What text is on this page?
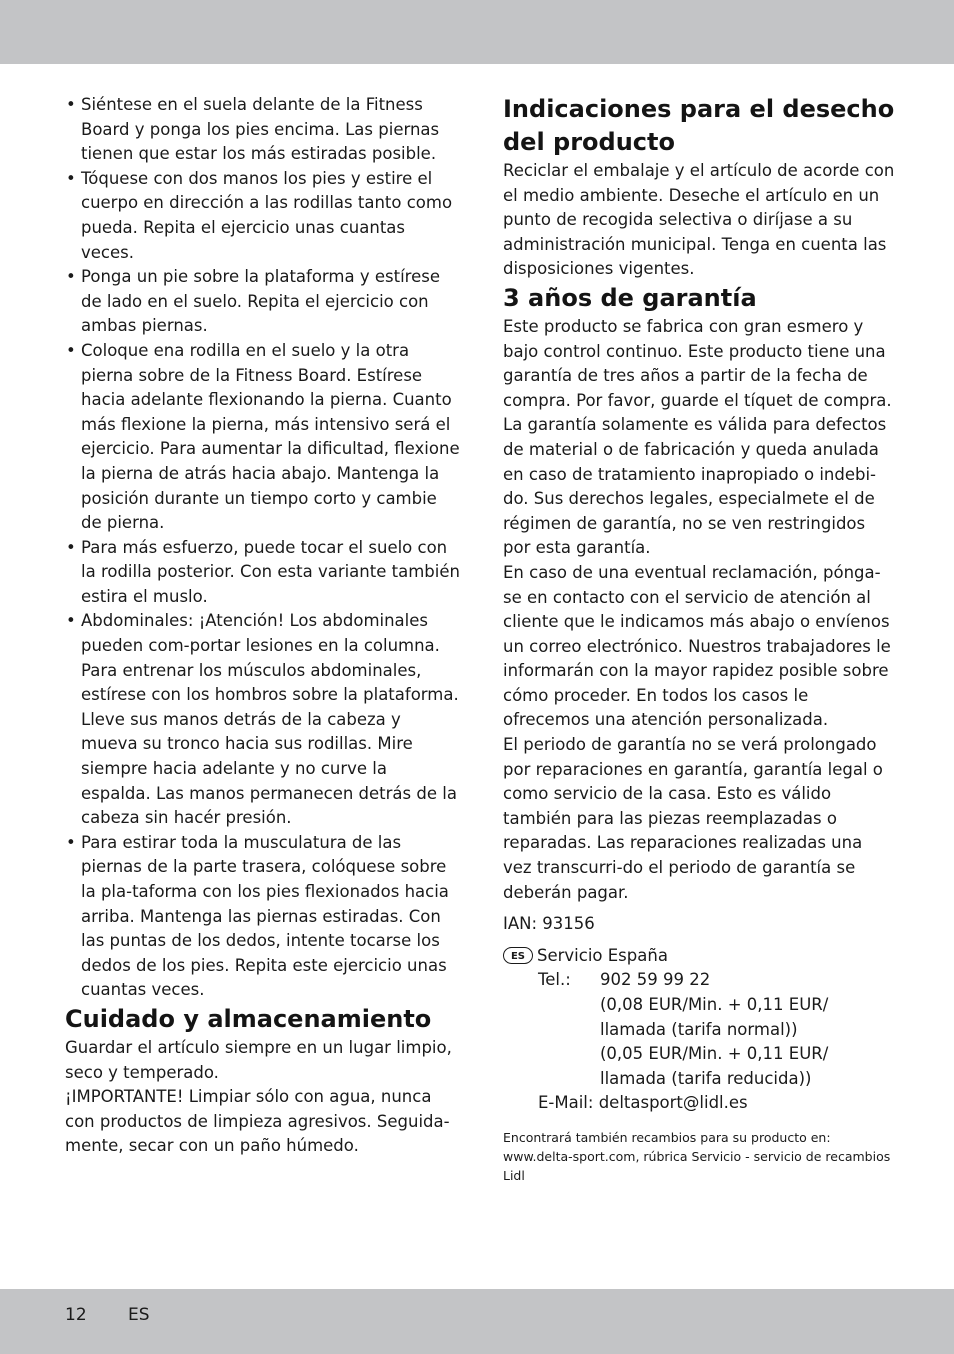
• Siéntese en el suela delante de la Fitness Board y ponga los pies encima. Las piernas tienen que estar los más estiradas posible.
• Tóquese con dos manos los pies y estire el cuerpo en dirección a las rodillas tanto como pueda. Repita el ejercicio unas cuantas veces.
• Ponga un pie sobre la plataforma y estírese de lado en el suelo. Repita el ejercicio con ambas piernas.
• Coloque ena rodilla en el suelo y la otra pierna sobre de la Fitness Board. Estírese hacia adelante flexionando la pierna. Cuanto más flexione la pierna, más intensivo será el ejercicio. Para aumentar la dificultad, flexione la pierna de atrás hacia abajo. Mantenga la posición durante un tiempo corto y cambie de pierna.
• Para más esfuerzo, puede tocar el suelo con la rodilla posterior. Con esta variante también estira el muslo.
• Abdominales: ¡Atención! Los abdominales pueden com-portar lesiones en la columna. Para entrenar los músculos abdominales, estírese con los hombros sobre la plataforma. Lleve sus manos detrás de la cabeza y mueva su tronco hacia sus rodillas. Mire siempre hacia adelante y no curve la espalda. Las manos permanecen detrás de la cabeza sin hacér presión.
• Para estirar toda la musculatura de las piernas de la parte trasera, colóquese sobre la pla-taforma con los pies flexionados hacia arriba. Mantenga las piernas estiradas. Con las puntas de los dedos, intente tocarse los dedos de los pies. Repita este ejercicio unas cuantas veces.
Cuidado y almacenamiento

Guardar el artículo siempre en un lugar limpio, seco y temperado.

¡IMPORTANTE! Limpiar sólo con agua, nunca con productos de limpieza agresivos. Seguida-mente, secar con un paño húmedo.

Indicaciones para el desecho del producto

Reciclar el embalaje y el artículo de acorde con el medio ambiente. Deseche el artículo en un punto de recogida selectiva o diríjase a su administración municipal. Tenga en cuenta las disposiciones vigentes.

3 años de garantía

Este producto se fabrica con gran esmero y bajo control continuo. Este producto tiene una garantía de tres años a partir de la fecha de compra. Por favor, guarde el tíquet de compra. La garantía solamente es válida para defectos de material o de fabricación y queda anulada en caso de tratamiento inapropiado o indebi-do. Sus derechos legales, especialmete el de régimen de garantía, no se ven restringidos por esta garantía.

En caso de una eventual reclamación, pónga-se en contacto con el servicio de atención al cliente que le indicamos más abajo o envíenos un correo electrónico. Nuestros trabajadores le informarán con la mayor rapidez posible sobre cómo proceder. En todos los casos le ofrecemos una atención personalizada.

El periodo de garantía no se verá prolongado por reparaciones en garantía, garantía legal o como servicio de la casa. Esto es válido también para las piezas reemplazadas o reparadas. Las reparaciones realizadas una vez transcurri-do el periodo de garantía se deberán pagar.

IAN: 93156

ES Servicio España
Tel.:	902 59 99 22
(0,08 EUR/Min. + 0,11 EUR/
llamada (tarifa normal))
(0,05 EUR/Min. + 0,11 EUR/
llamada (tarifa reducida))
E-Mail: deltasport@lidl.es

Encontrará también recambios para su producto en: www.delta-sport.com, rúbrica Servicio - servicio de recambios Lidl

12 ES
